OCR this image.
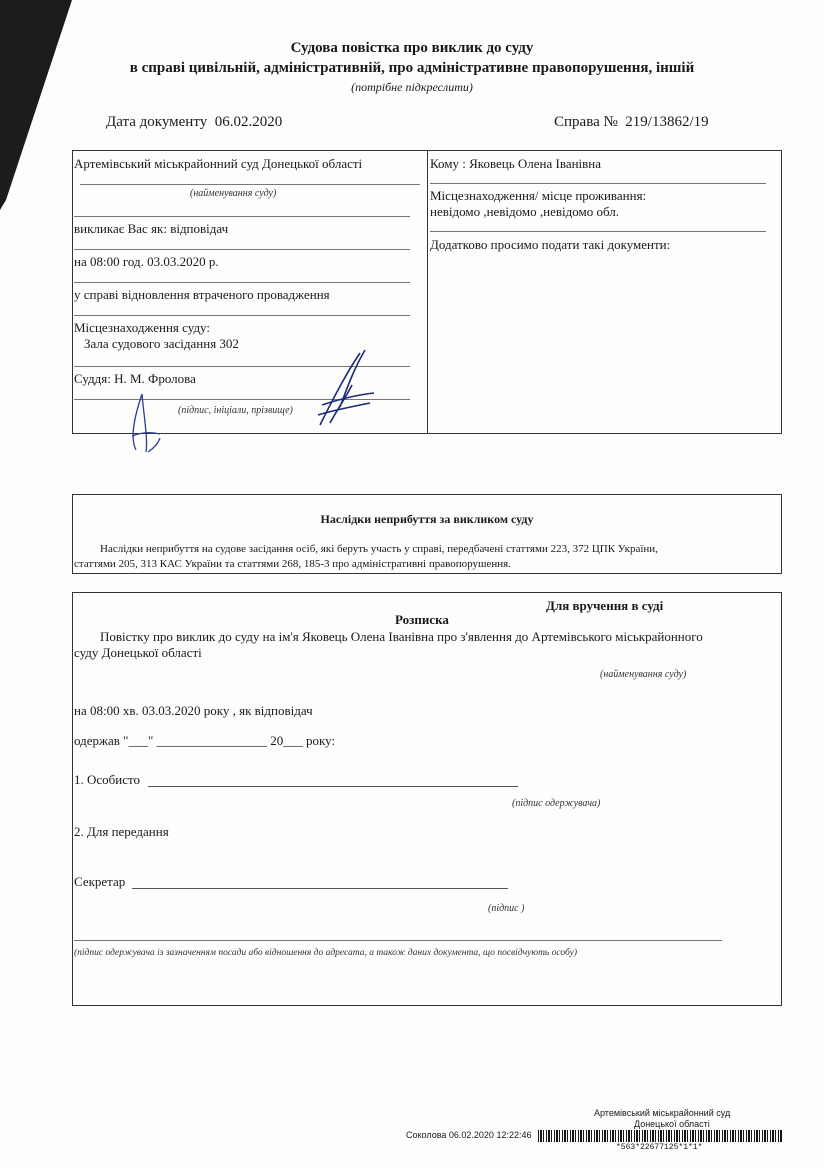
Судова повістка про виклик до суду
в справі цивільній, адміністративній, про адміністративне правопорушення, іншій
(потрібне підкреслити)
Дата документу 06.02.2020	Справа № 219/13862/19
Артемівський міськрайонний суд Донецької області
(найменування суду)
викликає Вас як: відповідач
на 08:00 год. 03.03.2020 р.
у справі відновлення втраченого провадження
Місцезнаходження суду:
Зала судового засідання 302
Суддя: Н. М. Фролова
(підпис, ініціали, прізвище)
Кому : Яковець Олена Іванівна
Місцезнаходження/ місце проживання:
невідомо ,невідомо ,невідомо обл.
Додатково просимо подати такі документи:
Наслідки неприбуття за викликом суду
Наслідки неприбуття на судове засідання осіб, які беруть участь у справі, передбачені статтями 223, 372 ЦПК України,
статтями 205, 313 КАС України та статтями 268, 185-3 про адміністративні правопорушення.
Для вручення в суді
Розписка
Повістку про виклик до суду на ім'я Яковець Олена Іванівна про з'явлення до Артемівського міськрайонного
суду Донецької області
(найменування суду)
на 08:00 хв. 03.03.2020 року , як відповідач
одержав "___" _________________ 20___ року:
1. Особисто
(підпис одержувача)
2. Для передання
Секретар
(підпис )
(підпис одержувача із зазначенням посади або відношення до адресата, а також даних документа, що посвідчують особу)
Артемівський міськрайонний суд
Донецької області
Соколова 06.02.2020 12:22:46
*563*22677125*1*1*
